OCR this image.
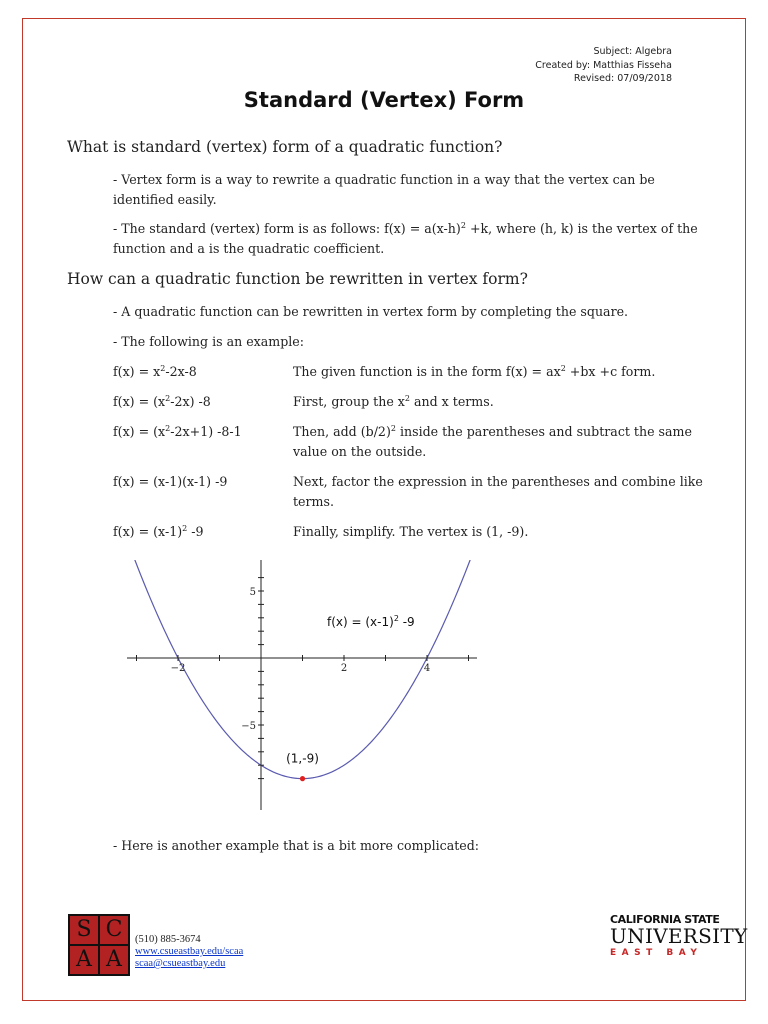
Subject: Algebra
Created by: Matthias Fisseha
Revised: 07/09/2018
Standard (Vertex) Form
What is standard (vertex) form of a quadratic function?
- Vertex form is a way to rewrite a quadratic function in a way that the vertex can be identified easily.
- The standard (vertex) form is as follows: $f(x) = a(x-h)^2 +k$, where (h, k) is the vertex of the function and a is the quadratic coefficient.
How can a quadratic function be rewritten in vertex form?
- A quadratic function can be rewritten in vertex form by completing the square.
- The following is an example:
$f(x) = x^2-2x-8$	The given function is in the form $f(x) = ax^2 +bx +c$ form.
$f(x) = (x^2-2x)$ -8	First, group the $x^2$ and x terms.
$f(x) = (x^2-2x+1)$ -8-1	Then, add $(b/2)^2$ inside the parentheses and subtract the same value on the outside.
f(x) = (x-1)(x-1) -9	Next, factor the expression in the parentheses and combine like terms.
$f(x) = (x-1)^2$ -9	Finally, simplify. The vertex is (1, -9).
−2	2	4
5
−5
(1,-9)
$f(x) = (x-1)^2$ -9
- Here is another example that is a bit more complicated:
S C
A A
(510) 885-3674
www.csueastbay.edu/scaa
scaa@csueastbay.edu
CALIFORNIA STATE
UNIVERSITY
EAST BAY
